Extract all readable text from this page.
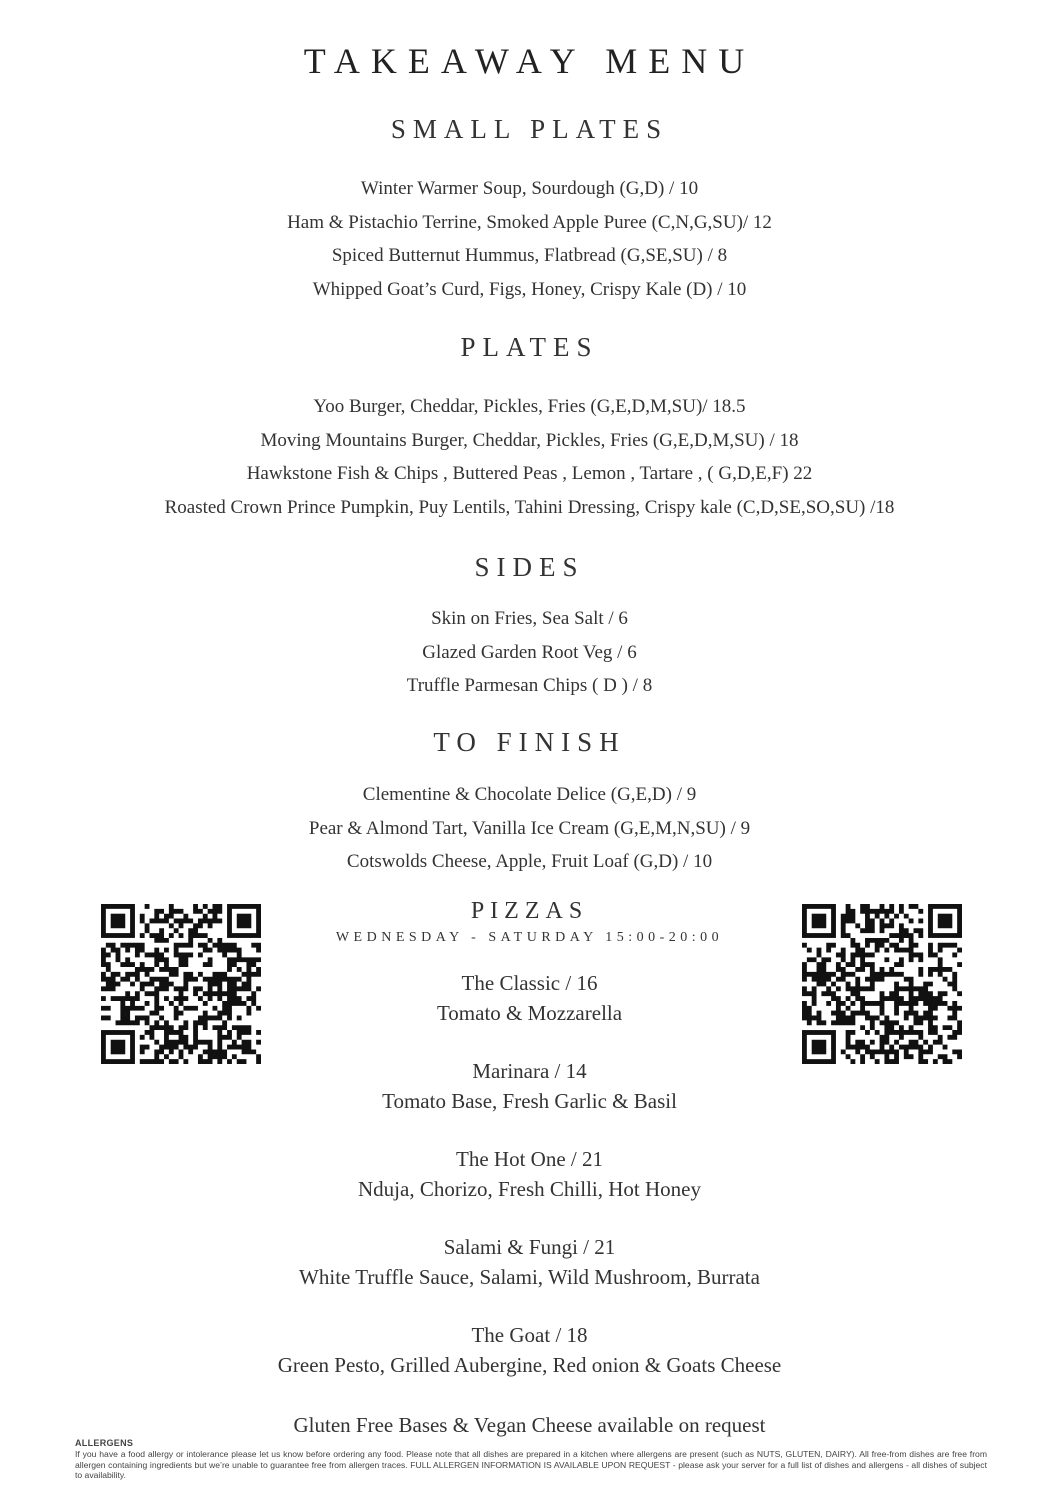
TAKEAWAY MENU
SMALL PLATES
Winter Warmer Soup, Sourdough (G,D) / 10
Ham & Pistachio Terrine, Smoked Apple Puree (C,N,G,SU)/ 12
Spiced Butternut Hummus, Flatbread (G,SE,SU) / 8
Whipped Goat’s Curd, Figs, Honey, Crispy Kale (D) / 10
PLATES
Yoo Burger, Cheddar, Pickles, Fries (G,E,D,M,SU)/ 18.5
Moving Mountains Burger, Cheddar, Pickles, Fries (G,E,D,M,SU) / 18
Hawkstone Fish & Chips , Buttered Peas , Lemon , Tartare , ( G,D,E,F) 22
Roasted Crown Prince Pumpkin, Puy Lentils, Tahini Dressing, Crispy kale (C,D,SE,SO,SU) /18
SIDES
Skin on Fries, Sea Salt / 6
Glazed Garden Root Veg / 6
Truffle Parmesan Chips ( D ) / 8
TO FINISH
Clementine & Chocolate Delice (G,E,D) / 9
Pear & Almond Tart, Vanilla Ice Cream (G,E,M,N,SU) / 9
Cotswolds Cheese, Apple, Fruit Loaf (G,D) / 10
PIZZAS
WEDNESDAY - SATURDAY 15:00-20:00
The Classic / 16
Tomato & Mozzarella
Marinara / 14
Tomato Base, Fresh Garlic & Basil
The Hot One / 21
Nduja, Chorizo, Fresh Chilli, Hot Honey
Salami & Fungi / 21
White Truffle Sauce, Salami, Wild Mushroom, Burrata
The Goat / 18
Green Pesto, Grilled Aubergine, Red onion & Goats Cheese
Gluten Free Bases & Vegan Cheese available on request
ALLERGENS
If you have a food allergy or intolerance please let us know before ordering any food. Please note that all dishes are prepared in a kitchen where allergens are present (such as NUTS, GLUTEN, DAIRY). All free-from dishes are free from allergen containing ingredients but we’re unable to guarantee free from allergen traces. FULL ALLERGEN INFORMATION IS AVAILABLE UPON REQUEST - please ask your server for a full list of dishes and allergens - all dishes of subject to availability.
